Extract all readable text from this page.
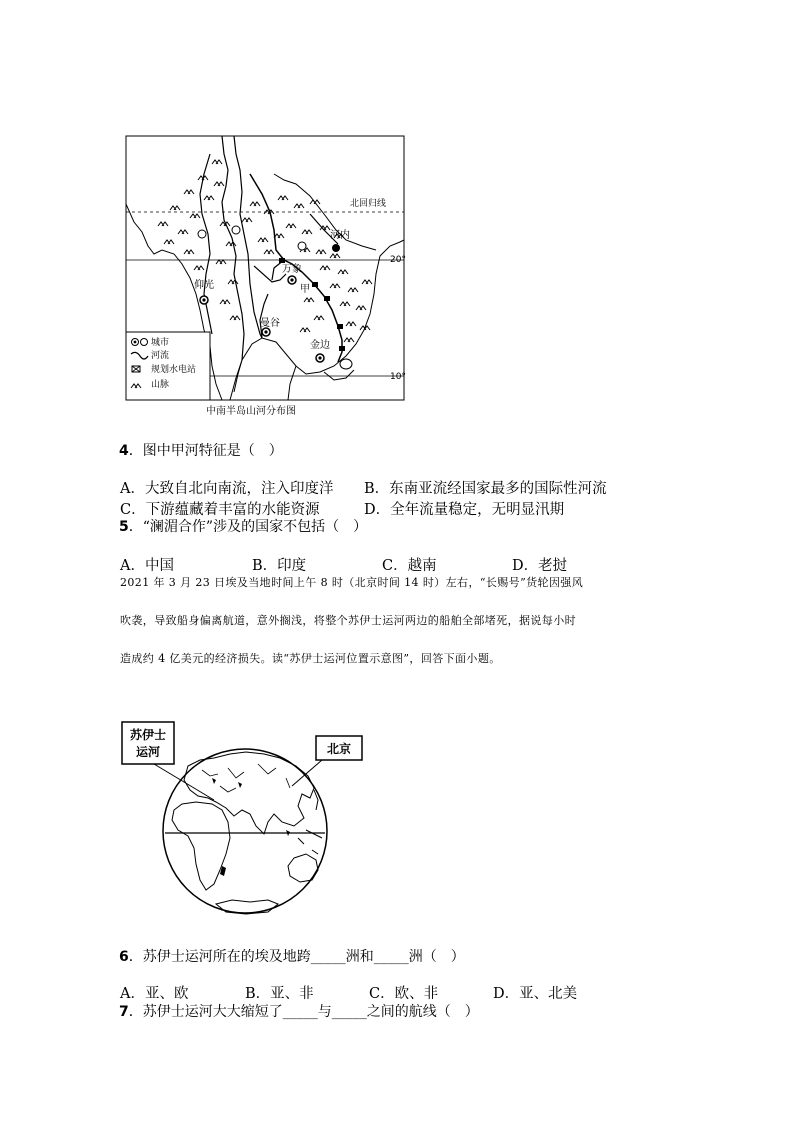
北回归线
20°
10°
河内
万象
甲
仰光
曼谷
金边
城市
河流
规划水电站
山脉
中南半岛山河分布图
4．图中甲河特征是（　）
A．大致自北向南流，注入印度洋 B．东南亚流经国家最多的国际性河流
C．下游蕴藏着丰富的水能资源	D．全年流量稳定，无明显汛期
5．“澜湄合作”涉及的国家不包括（　）
A．中国	B．印度	C．越南	D．老挝
2021 年 3 月 23 日埃及当地时间上午 8 时（北京时间 14 时）左右，“长赐号”货轮因强风
吹袭，导致船身偏离航道，意外搁浅，将整个苏伊士运河两边的船舶全部堵死，据说每小时
造成约 4 亿美元的经济损失。读“苏伊士运河位置示意图”，回答下面小题。
苏伊士
运河	北京
6．苏伊士运河所在的埃及地跨_____洲和_____洲（　）
A．亚、欧	B．亚、非	C．欧、非	D．亚、北美
7．苏伊士运河大大缩短了_____与_____之间的航线（　）
